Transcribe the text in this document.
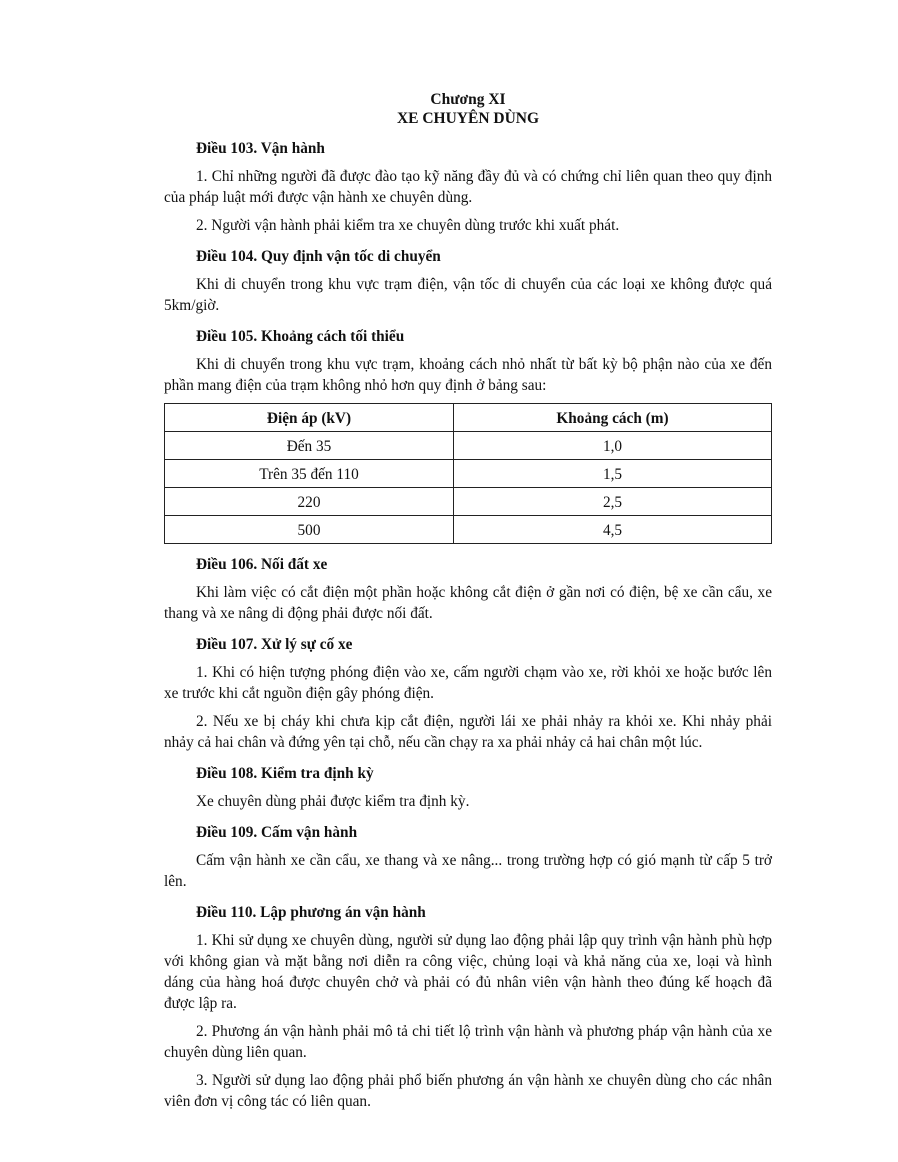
Chương XI

XE CHUYÊN DÙNG

Điều 103. Vận hành

1. Chỉ những người đã được đào tạo kỹ năng đầy đủ và có chứng chỉ liên quan theo quy định của pháp luật mới được vận hành xe chuyên dùng.

2. Người vận hành phải kiểm tra xe chuyên dùng trước khi xuất phát.

Điều 104. Quy định vận tốc di chuyển

Khi di chuyển trong khu vực trạm điện, vận tốc di chuyển của các loại xe không được quá 5km/giờ.

Điều 105. Khoảng cách tối thiểu

Khi di chuyển trong khu vực trạm, khoảng cách nhỏ nhất từ bất kỳ bộ phận nào của xe đến phần mang điện của trạm không nhỏ hơn quy định ở bảng sau:

Điện áp (kV)	Khoảng cách (m)
Đến 35	1,0
Trên 35 đến 110	1,5
220	2,5
500	4,5

Điều 106. Nối đất xe

Khi làm việc có cắt điện một phần hoặc không cắt điện ở gần nơi có điện, bệ xe cần cẩu, xe thang và xe nâng di động phải được nối đất.

Điều 107. Xử lý sự cố xe

1. Khi có hiện tượng phóng điện vào xe, cấm người chạm vào xe, rời khỏi xe hoặc bước lên xe trước khi cắt nguồn điện gây phóng điện.

2. Nếu xe bị cháy khi chưa kịp cắt điện, người lái xe phải nhảy ra khỏi xe. Khi nhảy phải nhảy cả hai chân và đứng yên tại chỗ, nếu cần chạy ra xa phải nhảy cả hai chân một lúc.

Điều 108. Kiểm tra định kỳ

Xe chuyên dùng phải được kiểm tra định kỳ.

Điều 109. Cấm vận hành

Cấm vận hành xe cần cẩu, xe thang và xe nâng... trong trường hợp có gió mạnh từ cấp 5 trở lên.

Điều 110. Lập phương án vận hành

1. Khi sử dụng xe chuyên dùng, người sử dụng lao động phải lập quy trình vận hành phù hợp với không gian và mặt bằng nơi diễn ra công việc, chủng loại và khả năng của xe, loại và hình dáng của hàng hoá được chuyên chở và phải có đủ nhân viên vận hành theo đúng kế hoạch đã được lập ra.

2. Phương án vận hành phải mô tả chi tiết lộ trình vận hành và phương pháp vận hành của xe chuyên dùng liên quan.

3. Người sử dụng lao động phải phổ biến phương án vận hành xe chuyên dùng cho các nhân viên đơn vị công tác có liên quan.
